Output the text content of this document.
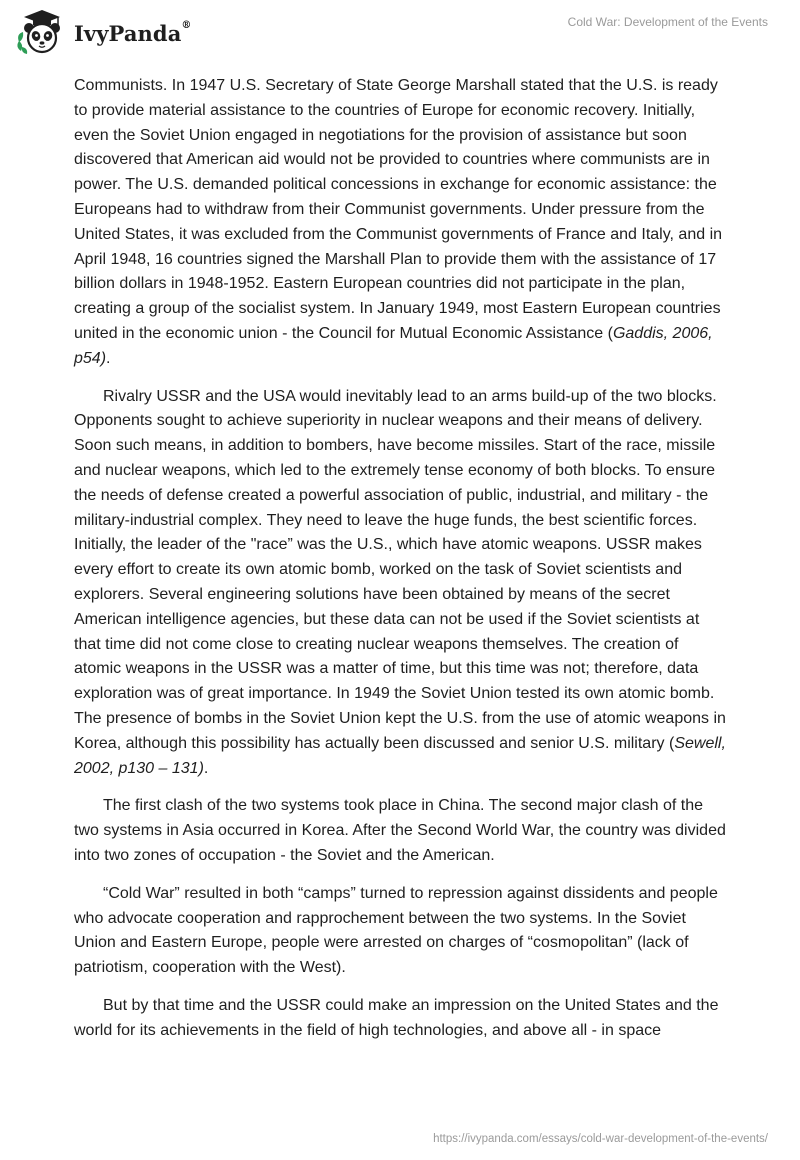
IvyPanda®	Cold War: Development of the Events

Communists. In 1947 U.S. Secretary of State George Marshall stated that the U.S. is ready to provide material assistance to the countries of Europe for economic recovery. Initially, even the Soviet Union engaged in negotiations for the provision of assistance but soon discovered that American aid would not be provided to countries where communists are in power. The U.S. demanded political concessions in exchange for economic assistance: the Europeans had to withdraw from their Communist governments. Under pressure from the United States, it was excluded from the Communist governments of France and Italy, and in April 1948, 16 countries signed the Marshall Plan to provide them with the assistance of 17 billion dollars in 1948-1952. Eastern European countries did not participate in the plan, creating a group of the socialist system. In January 1949, most Eastern European countries united in the economic union - the Council for Mutual Economic Assistance (Gaddis, 2006, p54).

Rivalry USSR and the USA would inevitably lead to an arms build-up of the two blocks. Opponents sought to achieve superiority in nuclear weapons and their means of delivery. Soon such means, in addition to bombers, have become missiles. Start of the race, missile and nuclear weapons, which led to the extremely tense economy of both blocks. To ensure the needs of defense created a powerful association of public, industrial, and military - the military-industrial complex. They need to leave the huge funds, the best scientific forces. Initially, the leader of the "race” was the U.S., which have atomic weapons. USSR makes every effort to create its own atomic bomb, worked on the task of Soviet scientists and explorers. Several engineering solutions have been obtained by means of the secret American intelligence agencies, but these data can not be used if the Soviet scientists at that time did not come close to creating nuclear weapons themselves. The creation of atomic weapons in the USSR was a matter of time, but this time was not; therefore, data exploration was of great importance. In 1949 the Soviet Union tested its own atomic bomb. The presence of bombs in the Soviet Union kept the U.S. from the use of atomic weapons in Korea, although this possibility has actually been discussed and senior U.S. military (Sewell, 2002, p130 – 131).

The first clash of the two systems took place in China. The second major clash of the two systems in Asia occurred in Korea. After the Second World War, the country was divided into two zones of occupation - the Soviet and the American.

“Cold War” resulted in both “camps” turned to repression against dissidents and people who advocate cooperation and rapprochement between the two systems. In the Soviet Union and Eastern Europe, people were arrested on charges of “cosmopolitan” (lack of patriotism, cooperation with the West).

But by that time and the USSR could make an impression on the United States and the world for its achievements in the field of high technologies, and above all - in space

https://ivypanda.com/essays/cold-war-development-of-the-events/
